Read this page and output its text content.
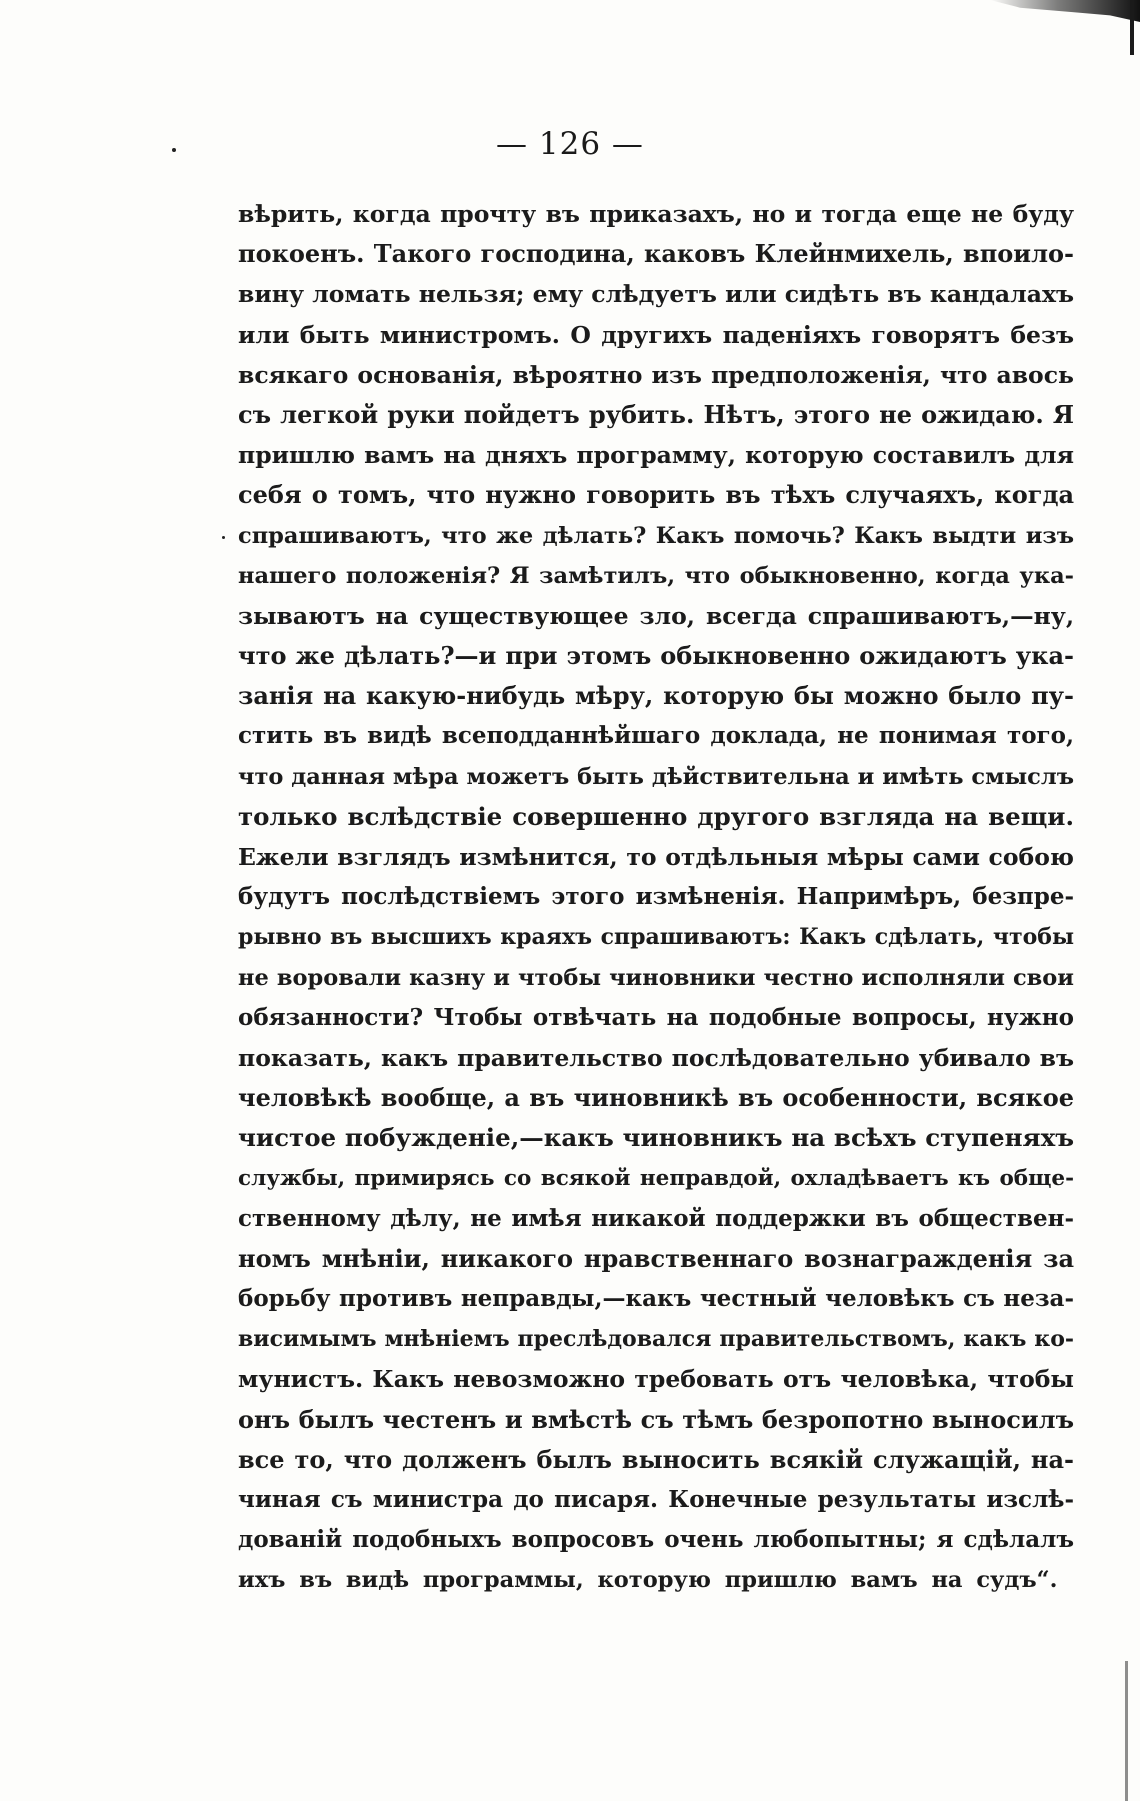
— 126 —
вѣрить, когда прочту въ приказахъ, но и тогда еще не буду
покоенъ. Такого господина, каковъ Клейнмихель, впоило-
вину ломать нельзя; ему слѣдуетъ или сидѣть въ кандалахъ
или быть министромъ. О другихъ паденiяхъ говорятъ безъ
всякаго основанiя, вѣроятно изъ предположенiя, что авось
съ легкой руки пойдетъ рубить. Нѣтъ, этого не ожидаю. Я
пришлю вамъ на дняхъ программу, которую составилъ для
себя о томъ, что нужно говорить въ тѣхъ случаяхъ, когда
спрашиваютъ, что же дѣлать? Какъ помочь? Какъ выдти изъ
нашего положенiя? Я замѣтилъ, что обыкновенно, когда ука-
зываютъ на существующее зло, всегда спрашиваютъ,—ну,
что же дѣлать?—и при этомъ обыкновенно ожидаютъ ука-
занiя на какую-нибудь мѣру, которую бы можно было пу-
стить въ видѣ всеподданнѣйшаго доклада, не понимая того,
что данная мѣра можетъ быть дѣйствительна и имѣть смыслъ
только вслѣдствiе совершенно другого взгляда на вещи.
Ежели взглядъ измѣнится, то отдѣльныя мѣры сами собою
будутъ послѣдствiемъ этого измѣненiя. Напримѣръ, безпре-
рывно въ высшихъ краяхъ спрашиваютъ: Какъ сдѣлать, чтобы
не воровали казну и чтобы чиновники честно исполняли свои
обязанности? Чтобы отвѣчать на подобные вопросы, нужно
показать, какъ правительство послѣдовательно убивало въ
человѣкѣ вообще, а въ чиновникѣ въ особенности, всякое
чистое побужденiе,—какъ чиновникъ на всѣхъ ступеняхъ
службы, примирясь со всякой неправдой, охладѣваетъ къ обще-
ственному дѣлу, не имѣя никакой поддержки въ обществен-
номъ мнѣнiи, никакого нравственнаго вознагражденiя за
борьбу противъ неправды,—какъ честный человѣкъ съ неза-
висимымъ мнѣнiемъ преслѣдовался правительствомъ, какъ ко-
мунистъ. Какъ невозможно требовать отъ человѣка, чтобы
онъ былъ честенъ и вмѣстѣ съ тѣмъ безропотно выносилъ
все то, что долженъ былъ выносить всякiй служащiй, на-
чиная съ министра до писаря. Конечные результаты изслѣ-
дованiй подобныхъ вопросовъ очень любопытны; я сдѣлалъ
ихъ въ видѣ программы, которую пришлю вамъ на судъ“.
